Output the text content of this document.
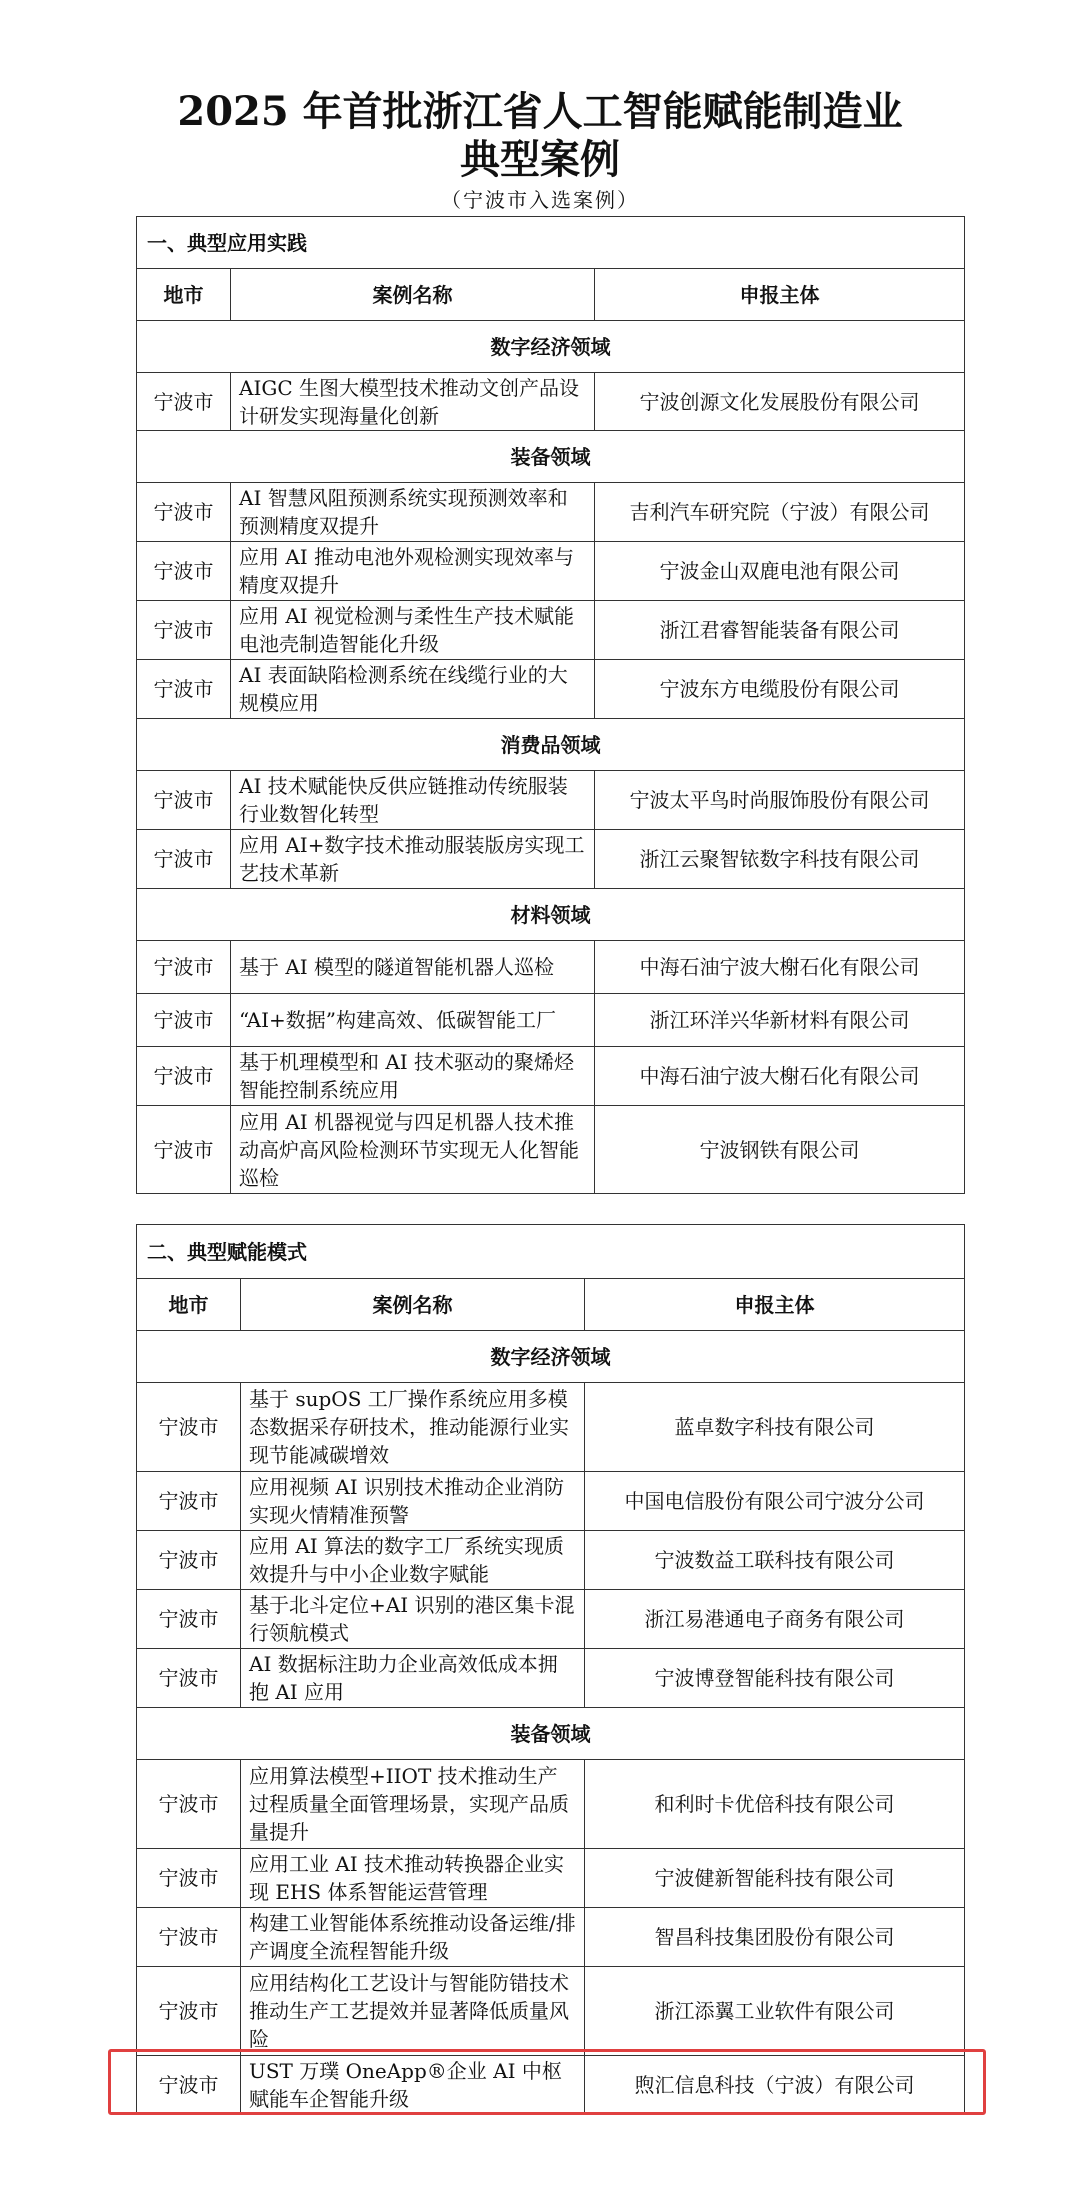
2025 年首批浙江省人工智能赋能制造业
典型案例
（宁波市入选案例）
一、典型应用实践		
地市	案例名称	申报主体
数字经济领域		
宁波市	AIGC 生图大模型技术推动文创产品设计研发实现海量化创新	宁波创源文化发展股份有限公司
装备领域		
宁波市	AI 智慧风阻预测系统实现预测效率和预测精度双提升	吉利汽车研究院（宁波）有限公司
宁波市	应用 AI 推动电池外观检测实现效率与精度双提升	宁波金山双鹿电池有限公司
宁波市	应用 AI 视觉检测与柔性生产技术赋能电池壳制造智能化升级	浙江君睿智能装备有限公司
宁波市	AI 表面缺陷检测系统在线缆行业的大规模应用	宁波东方电缆股份有限公司
消费品领域		
宁波市	AI 技术赋能快反供应链推动传统服装行业数智化转型	宁波太平鸟时尚服饰股份有限公司
宁波市	应用 AI+数字技术推动服装版房实现工艺技术革新	浙江云聚智铱数字科技有限公司
材料领域		
宁波市	基于 AI 模型的隧道智能机器人巡检	中海石油宁波大榭石化有限公司
宁波市	“AI+数据”构建高效、低碳智能工厂	浙江环洋兴华新材料有限公司
宁波市	基于机理模型和 AI 技术驱动的聚烯烃智能控制系统应用	中海石油宁波大榭石化有限公司
宁波市	应用 AI 机器视觉与四足机器人技术推动高炉高风险检测环节实现无人化智能巡检	宁波钢铁有限公司
二、典型赋能模式		
地市	案例名称	申报主体
数字经济领域		
宁波市	基于 supOS 工厂操作系统应用多模态数据采存研技术，推动能源行业实现节能减碳增效	蓝卓数字科技有限公司
宁波市	应用视频 AI 识别技术推动企业消防实现火情精准预警	中国电信股份有限公司宁波分公司
宁波市	应用 AI 算法的数字工厂系统实现质效提升与中小企业数字赋能	宁波数益工联科技有限公司
宁波市	基于北斗定位+AI 识别的港区集卡混行领航模式	浙江易港通电子商务有限公司
宁波市	AI 数据标注助力企业高效低成本拥抱 AI 应用	宁波博登智能科技有限公司
装备领域		
宁波市	应用算法模型+IIOT 技术推动生产过程质量全面管理场景，实现产品质量提升	和利时卡优倍科技有限公司
宁波市	应用工业 AI 技术推动转换器企业实现 EHS 体系智能运营管理	宁波健新智能科技有限公司
宁波市	构建工业智能体系统推动设备运维/排产调度全流程智能升级	智昌科技集团股份有限公司
宁波市	应用结构化工艺设计与智能防错技术推动生产工艺提效并显著降低质量风险	浙江添翼工业软件有限公司
宁波市	UST 万璞 OneApp®企业 AI 中枢赋能车企智能升级	煦汇信息科技（宁波）有限公司
